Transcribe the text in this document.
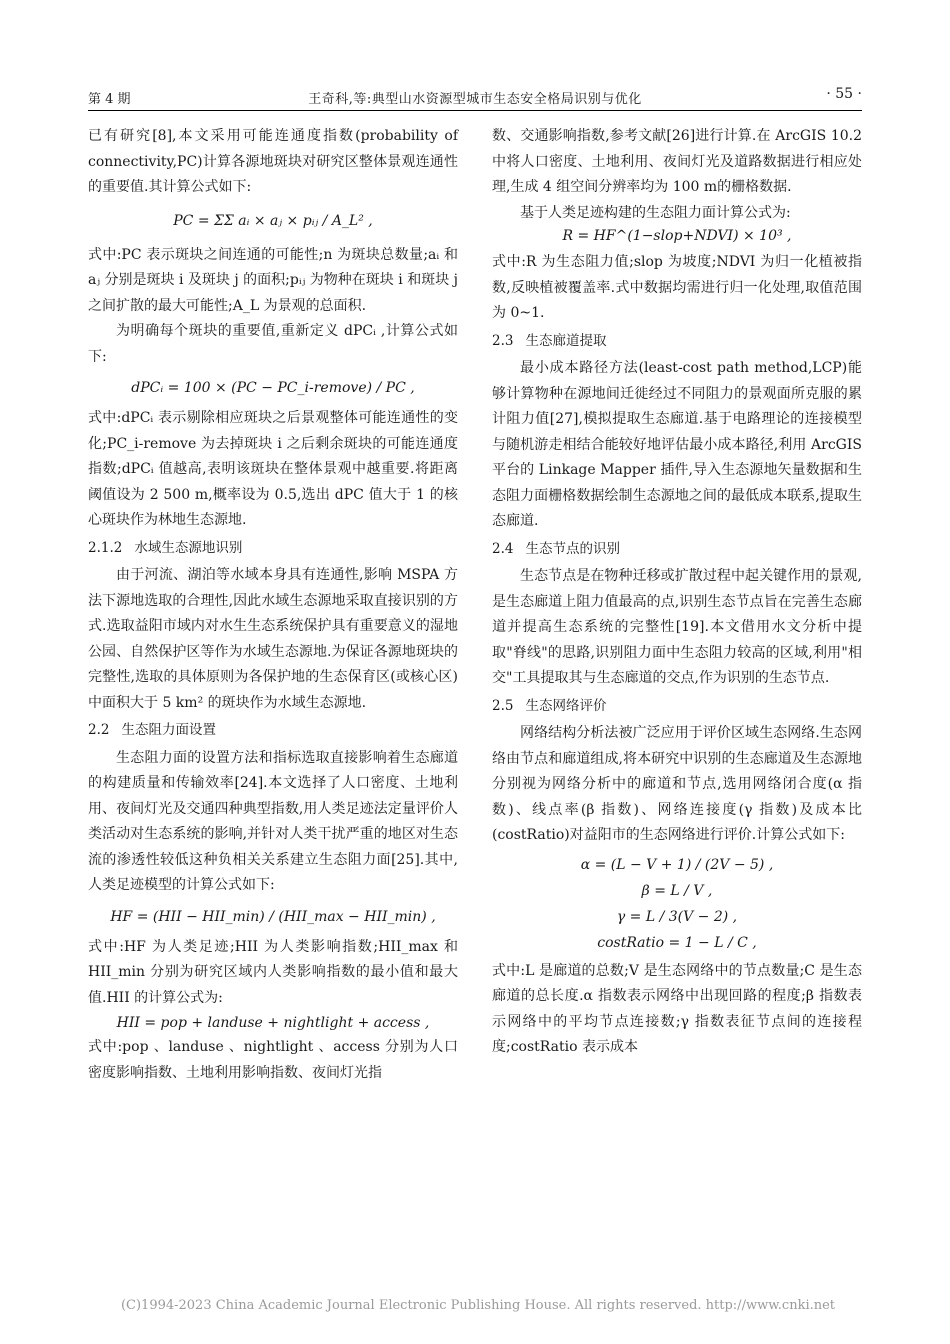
第 4 期	王奇科,等:典型山水资源型城市生态安全格局识别与优化	· 55 ·

已有研究[8],本文采用可能连通度指数(probability of connectivity,PC)计算各源地斑块对研究区整体景观连通性的重要值.其计算公式如下:

PC = ΣΣ aᵢ × aⱼ × pᵢⱼ / A_L² ,

式中:PC 表示斑块之间连通的可能性;n 为斑块总数量;aᵢ 和 aⱼ 分别是斑块 i 及斑块 j 的面积;pᵢⱼ 为物种在斑块 i 和斑块 j 之间扩散的最大可能性;A_L 为景观的总面积.

为明确每个斑块的重要值,重新定义 dPCᵢ ,计算公式如下:

dPCᵢ = 100 × (PC − PC_i-remove) / PC ,

式中:dPCᵢ 表示剔除相应斑块之后景观整体可能连通性的变化;PC_i-remove 为去掉斑块 i 之后剩余斑块的可能连通度指数;dPCᵢ 值越高,表明该斑块在整体景观中越重要.将距离阈值设为 2 500 m,概率设为 0.5,选出 dPC 值大于 1 的核心斑块作为林地生态源地.

2.1.2 水域生态源地识别

由于河流、湖泊等水域本身具有连通性,影响 MSPA 方法下源地选取的合理性,因此水域生态源地采取直接识别的方式.选取益阳市域内对水生生态系统保护具有重要意义的湿地公园、自然保护区等作为水域生态源地.为保证各源地斑块的完整性,选取的具体原则为各保护地的生态保育区(或核心区)中面积大于 5 km² 的斑块作为水域生态源地.

2.2 生态阻力面设置

生态阻力面的设置方法和指标选取直接影响着生态廊道的构建质量和传输效率[24].本文选择了人口密度、土地利用、夜间灯光及交通四种典型指数,用人类足迹法定量评价人类活动对生态系统的影响,并针对人类干扰严重的地区对生态流的渗透性较低这种负相关关系建立生态阻力面[25].其中,人类足迹模型的计算公式如下:

HF = (HII − HII_min) / (HII_max − HII_min) ,

式中:HF 为人类足迹;HII 为人类影响指数;HII_max 和 HII_min 分别为研究区域内人类影响指数的最小值和最大值.HII 的计算公式为:

HII = pop + landuse + nightlight + access ,

式中:pop 、landuse 、nightlight 、access 分别为人口密度影响指数、土地利用影响指数、夜间灯光指

数、交通影响指数,参考文献[26]进行计算.在 ArcGIS 10.2 中将人口密度、土地利用、夜间灯光及道路数据进行相应处理,生成 4 组空间分辨率均为 100 m的栅格数据.

基于人类足迹构建的生态阻力面计算公式为:

R = HF^(1−slop+NDVI) × 10³ ,

式中:R 为生态阻力值;slop 为坡度;NDVI 为归一化植被指数,反映植被覆盖率.式中数据均需进行归一化处理,取值范围为 0~1.

2.3 生态廊道提取

最小成本路径方法(least-cost path method,LCP)能够计算物种在源地间迁徙经过不同阻力的景观面所克服的累计阻力值[27],模拟提取生态廊道.基于电路理论的连接模型与随机游走相结合能较好地评估最小成本路径,利用 ArcGIS 平台的 Linkage Mapper 插件,导入生态源地矢量数据和生态阻力面栅格数据绘制生态源地之间的最低成本联系,提取生态廊道.

2.4 生态节点的识别

生态节点是在物种迁移或扩散过程中起关键作用的景观,是生态廊道上阻力值最高的点,识别生态节点旨在完善生态廊道并提高生态系统的完整性[19].本文借用水文分析中提取"脊线"的思路,识别阻力面中生态阻力较高的区域,利用"相交"工具提取其与生态廊道的交点,作为识别的生态节点.

2.5 生态网络评价

网络结构分析法被广泛应用于评价区域生态网络.生态网络由节点和廊道组成,将本研究中识别的生态廊道及生态源地分别视为网络分析中的廊道和节点,选用网络闭合度(α 指数)、线点率(β 指数)、网络连接度(γ 指数)及成本比(costRatio)对益阳市的生态网络进行评价.计算公式如下:

α = (L − V + 1) / (2V − 5) ,
β = L / V ,
γ = L / 3(V − 2) ,
costRatio = 1 − L / C ,

式中:L 是廊道的总数;V 是生态网络中的节点数量;C 是生态廊道的总长度.α 指数表示网络中出现回路的程度;β 指数表示网络中的平均节点连接数;γ 指数表征节点间的连接程度;costRatio 表示成本

(C)1994-2023 China Academic Journal Electronic Publishing House. All rights reserved. http://www.cnki.net
